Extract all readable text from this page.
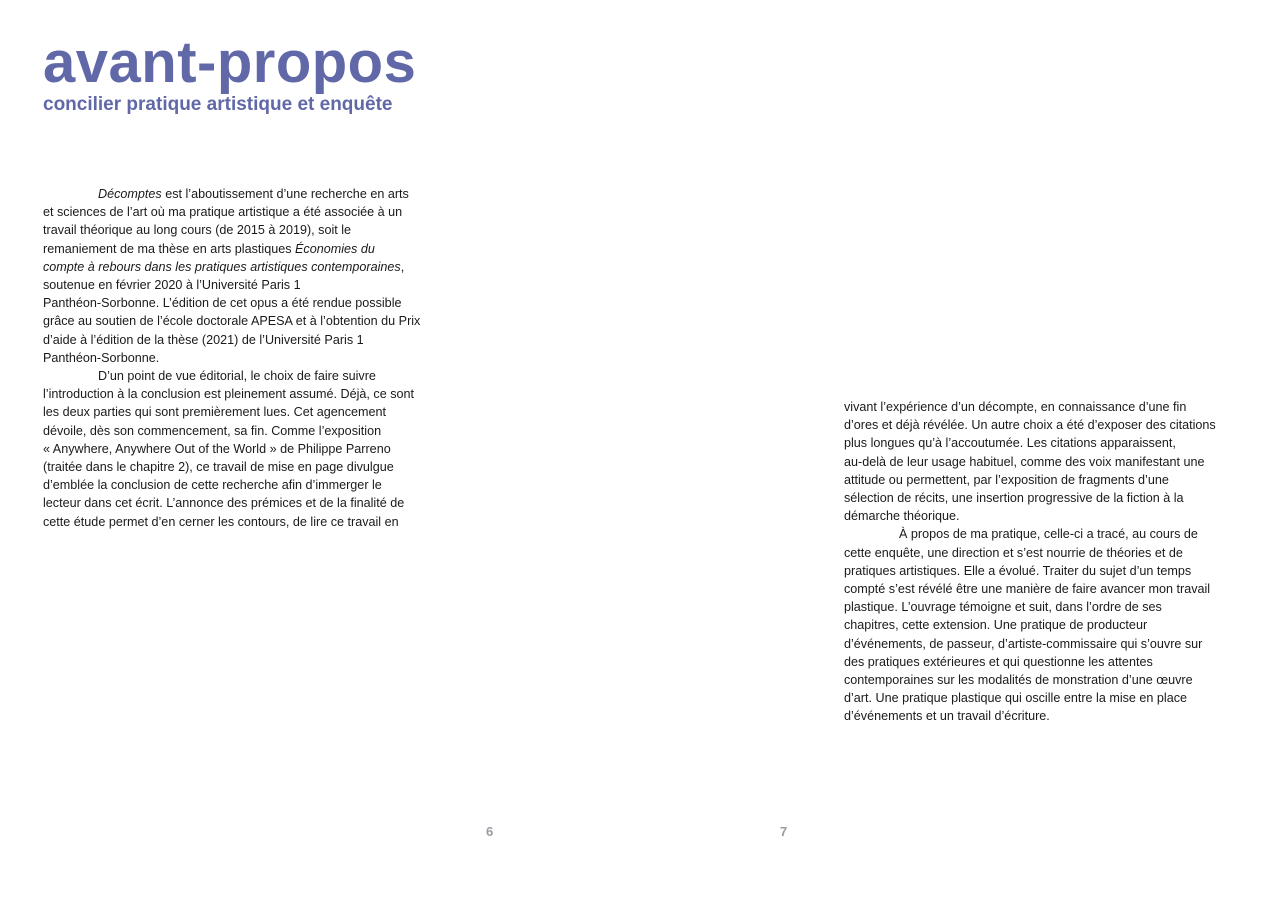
avant-propos
concilier pratique artistique et enquête

Décomptes est l’aboutissement d’une recherche en arts
et sciences de l’art où ma pratique artistique a été associée à un
travail théorique au long cours (de 2015 à 2019), soit le
remaniement de ma thèse en arts plastiques Économies du
compte à rebours dans les pratiques artistiques contemporaines,
soutenue en février 2020 à l’Université Paris 1
Panthéon-Sorbonne. L’édition de cet opus a été rendue possible
grâce au soutien de l’école doctorale APESA et à l’obtention du Prix
d’aide à l’édition de la thèse (2021) de l’Université Paris 1
Panthéon-Sorbonne.

D’un point de vue éditorial, le choix de faire suivre
l’introduction à la conclusion est pleinement assumé. Déjà, ce sont
les deux parties qui sont premièrement lues. Cet agencement
dévoile, dès son commencement, sa fin. Comme l’exposition
« Anywhere, Anywhere Out of the World » de Philippe Parreno
(traitée dans le chapitre 2), ce travail de mise en page divulgue
d’emblée la conclusion de cette recherche afin d’immerger le
lecteur dans cet écrit. L’annonce des prémices et de la finalité de
cette étude permet d’en cerner les contours, de lire ce travail en

vivant l’expérience d’un décompte, en connaissance d’une fin
d’ores et déjà révélée. Un autre choix a été d’exposer des citations
plus longues qu’à l’accoutumée. Les citations apparaissent,
au-delà de leur usage habituel, comme des voix manifestant une
attitude ou permettent, par l’exposition de fragments d’une
sélection de récits, une insertion progressive de la fiction à la
démarche théorique.

À propos de ma pratique, celle-ci a tracé, au cours de
cette enquête, une direction et s’est nourrie de théories et de
pratiques artistiques. Elle a évolué. Traiter du sujet d’un temps
compté s’est révélé être une manière de faire avancer mon travail
plastique. L’ouvrage témoigne et suit, dans l’ordre de ses
chapitres, cette extension. Une pratique de producteur
d’événements, de passeur, d’artiste-commissaire qui s’ouvre sur
des pratiques extérieures et qui questionne les attentes
contemporaines sur les modalités de monstration d’une œuvre
d’art. Une pratique plastique qui oscille entre la mise en place
d’événements et un travail d’écriture.

6	7
